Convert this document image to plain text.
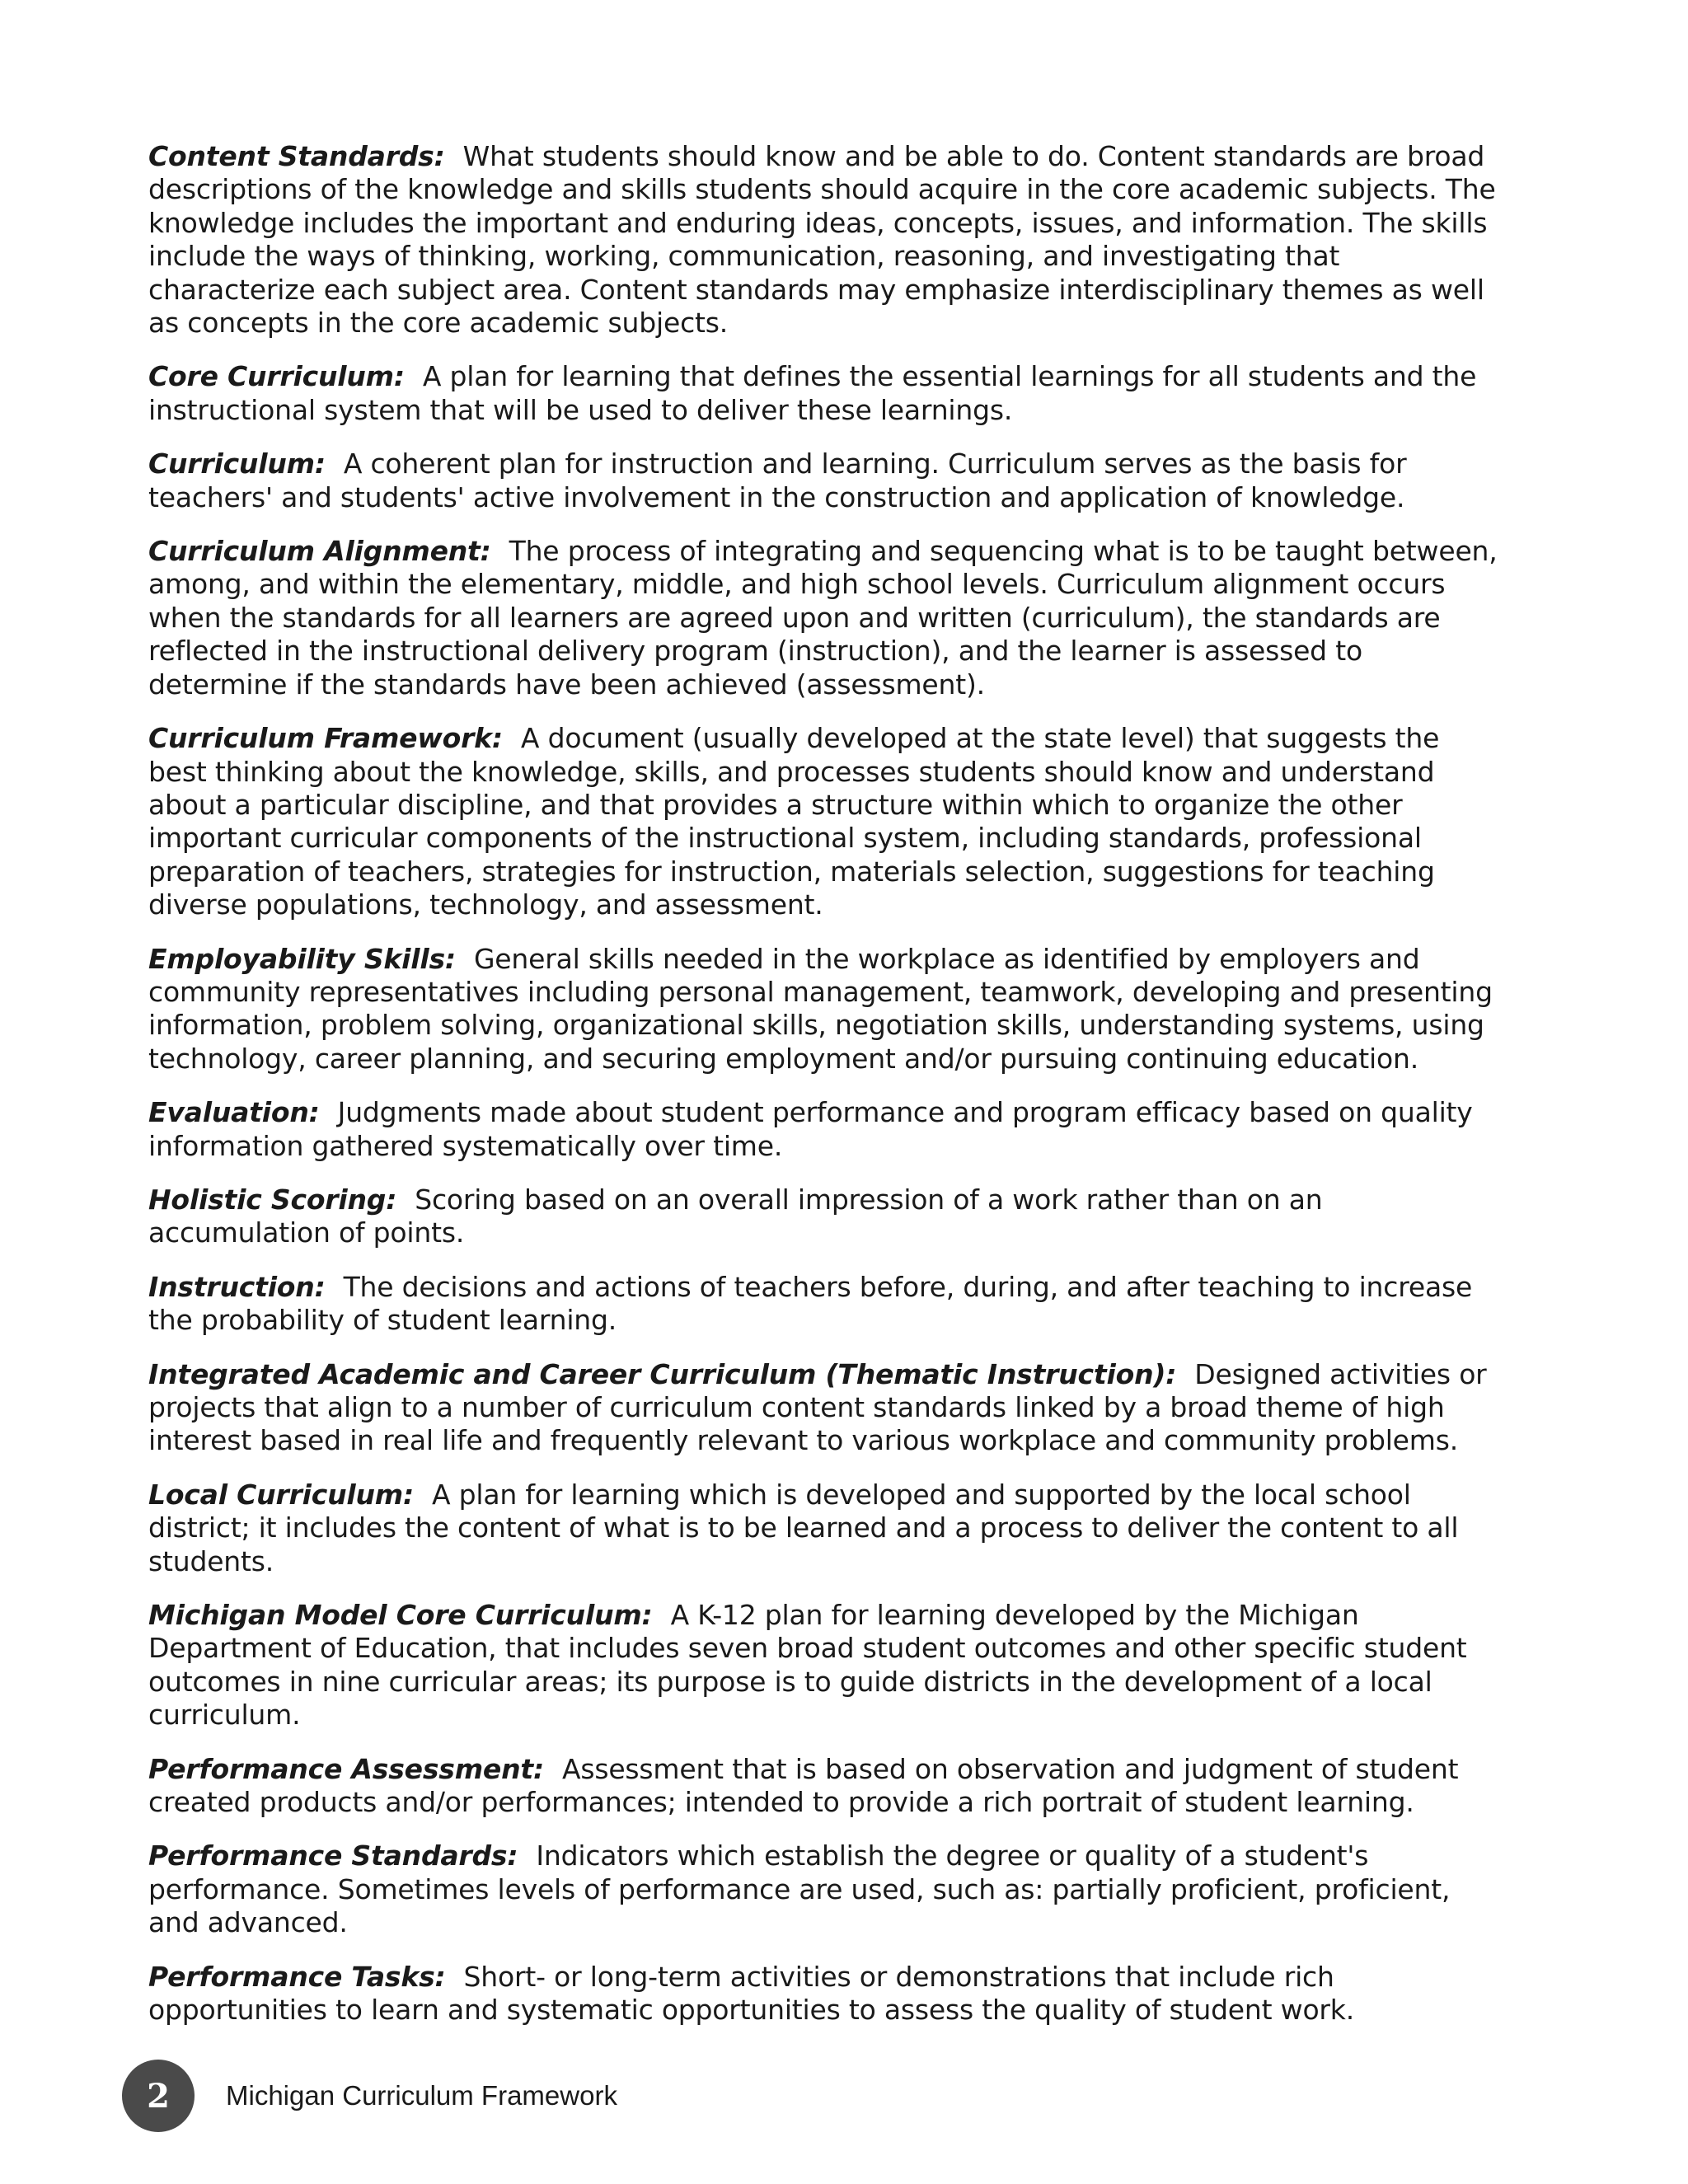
Content Standards: What students should know and be able to do. Content standards are broad descriptions of the knowledge and skills students should acquire in the core academic subjects. The knowledge includes the important and enduring ideas, concepts, issues, and information. The skills include the ways of thinking, working, communication, reasoning, and investigating that characterize each subject area. Content standards may emphasize interdisciplinary themes as well as concepts in the core academic subjects.

Core Curriculum: A plan for learning that defines the essential learnings for all students and the instructional system that will be used to deliver these learnings.

Curriculum: A coherent plan for instruction and learning. Curriculum serves as the basis for teachers' and students' active involvement in the construction and application of knowledge.

Curriculum Alignment: The process of integrating and sequencing what is to be taught between, among, and within the elementary, middle, and high school levels. Curriculum alignment occurs when the standards for all learners are agreed upon and written (curriculum), the standards are reflected in the instructional delivery program (instruction), and the learner is assessed to determine if the standards have been achieved (assessment).

Curriculum Framework: A document (usually developed at the state level) that suggests the best thinking about the knowledge, skills, and processes students should know and understand about a particular discipline, and that provides a structure within which to organize the other important curricular components of the instructional system, including standards, professional preparation of teachers, strategies for instruction, materials selection, suggestions for teaching diverse populations, technology, and assessment.

Employability Skills: General skills needed in the workplace as identified by employers and community representatives including personal management, teamwork, developing and presenting information, problem solving, organizational skills, negotiation skills, understanding systems, using technology, career planning, and securing employment and/or pursuing continuing education.

Evaluation: Judgments made about student performance and program efficacy based on quality information gathered systematically over time.

Holistic Scoring: Scoring based on an overall impression of a work rather than on an accumulation of points.

Instruction: The decisions and actions of teachers before, during, and after teaching to increase the probability of student learning.

Integrated Academic and Career Curriculum (Thematic Instruction): Designed activities or projects that align to a number of curriculum content standards linked by a broad theme of high interest based in real life and frequently relevant to various workplace and community problems.

Local Curriculum: A plan for learning which is developed and supported by the local school district; it includes the content of what is to be learned and a process to deliver the content to all students.

Michigan Model Core Curriculum: A K-12 plan for learning developed by the Michigan Department of Education, that includes seven broad student outcomes and other specific student outcomes in nine curricular areas; its purpose is to guide districts in the development of a local curriculum.

Performance Assessment: Assessment that is based on observation and judgment of student created products and/or performances; intended to provide a rich portrait of student learning.

Performance Standards: Indicators which establish the degree or quality of a student's performance. Sometimes levels of performance are used, such as: partially proficient, proficient, and advanced.

Performance Tasks: Short- or long-term activities or demonstrations that include rich opportunities to learn and systematic opportunities to assess the quality of student work.

2	Michigan Curriculum Framework
